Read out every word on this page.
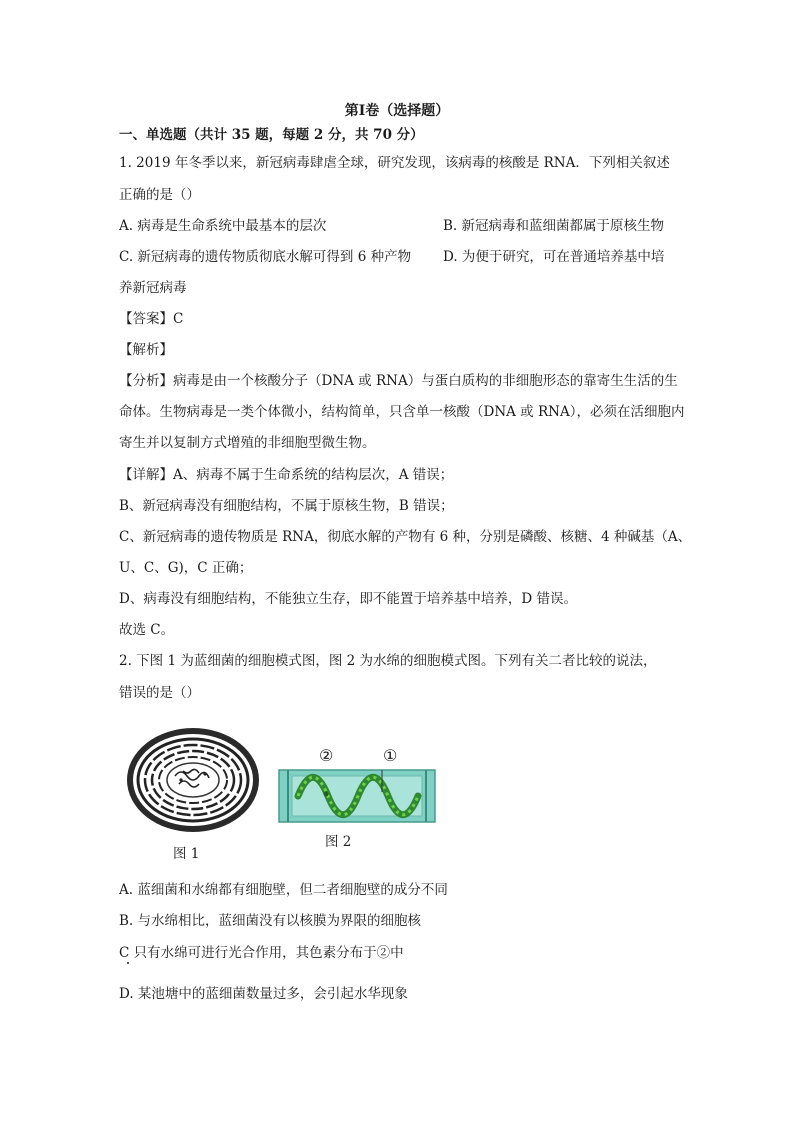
第Ⅰ卷（选择题）
一、单选题（共计 35 题，每题 2 分，共 70 分）
1. 2019 年冬季以来，新冠病毒肆虐全球，研究发现，该病毒的核酸是 RNA．下列相关叙述
正确的是（）
A. 病毒是生命系统中最基本的层次	B. 新冠病毒和蓝细菌都属于原核生物
C. 新冠病毒的遗传物质彻底水解可得到 6 种产物 D. 为便于研究，可在普通培养基中培
养新冠病毒
【答案】C
【解析】
【分析】病毒是由一个核酸分子（DNA 或 RNA）与蛋白质构的非细胞形态的靠寄生生活的生
命体。生物病毒是一类个体微小，结构简单，只含单一核酸（DNA 或 RNA），必须在活细胞内
寄生并以复制方式增殖的非细胞型微生物。
【详解】A、病毒不属于生命系统的结构层次，A 错误；
B、新冠病毒没有细胞结构，不属于原核生物，B 错误；
C、新冠病毒的遗传物质是 RNA，彻底水解的产物有 6 种，分别是磷酸、核糖、4 种碱基（A、
U、C、G)，C 正确；
D、病毒没有细胞结构，不能独立生存，即不能置于培养基中培养，D 错误。
故选 C。
2. 下图 1 为蓝细菌的细胞模式图，图 2 为水绵的细胞模式图。下列有关二者比较的说法，
错误的是（）
图 1
②	①
图 2
A. 蓝细菌和水绵都有细胞壁，但二者细胞壁的成分不同
B. 与水绵相比，蓝细菌没有以核膜为界限的细胞核
C 只有水绵可进行光合作用，其色素分布于②中
D. 某池塘中的蓝细菌数量过多，会引起水华现象
